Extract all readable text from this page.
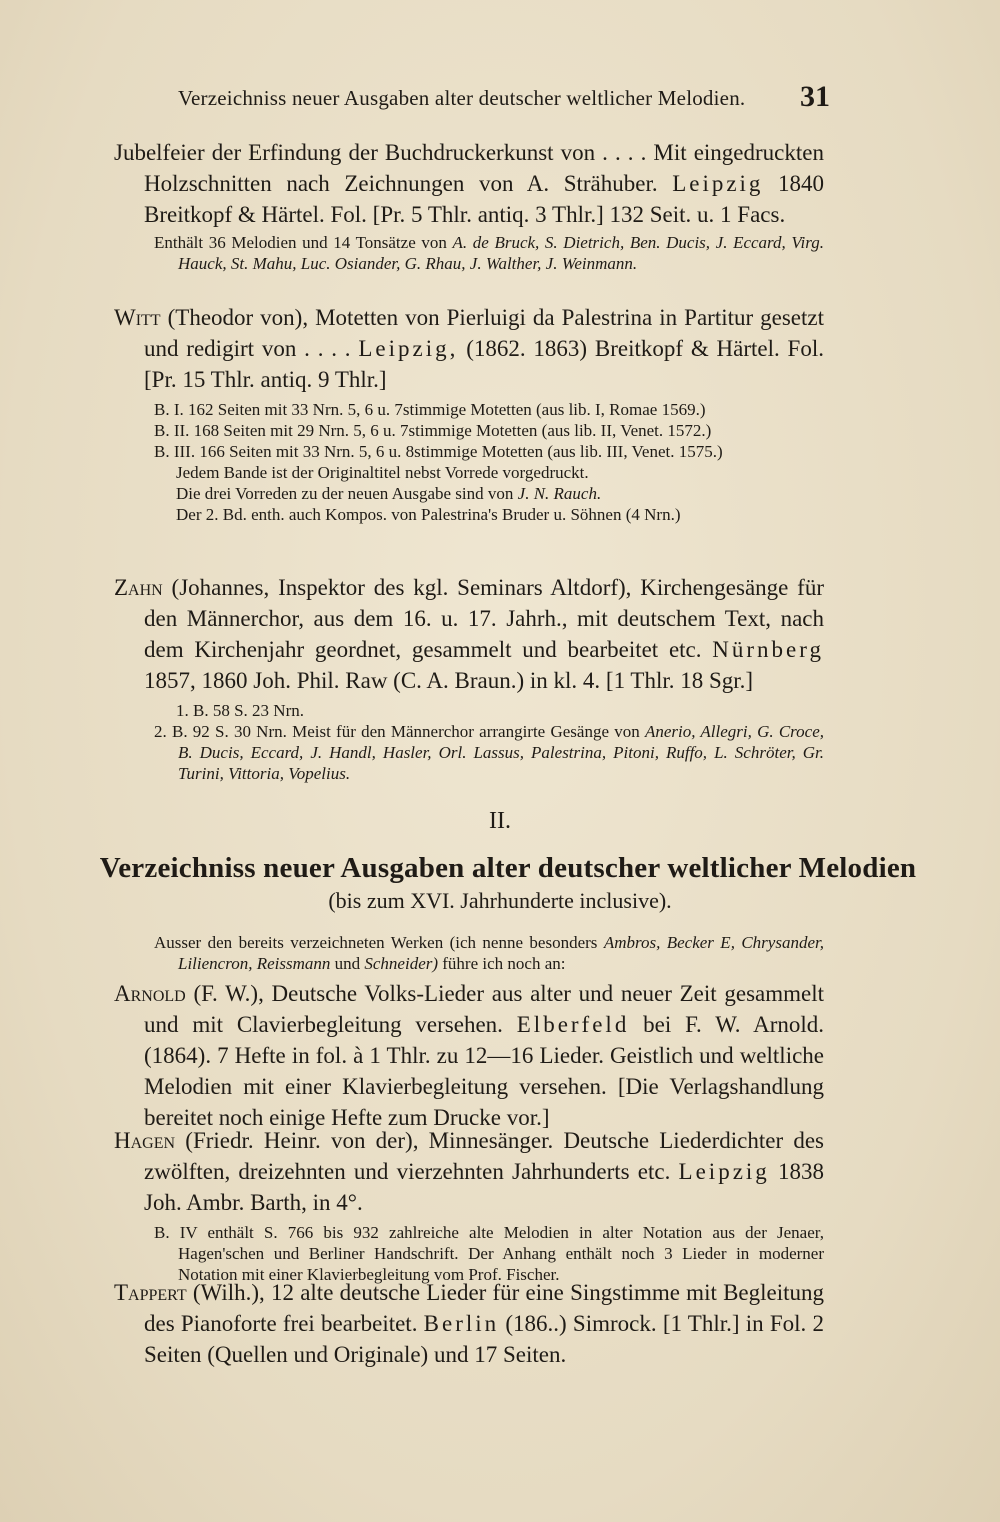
Verzeichniss neuer Ausgaben alter deutscher weltlicher Melodien. 31

Jubelfeier der Erfindung der Buchdruckerkunst von . . . . Mit eingedruckten Holzschnitten nach Zeichnungen von A. Strähuber. Leipzig 1840 Breitkopf & Härtel. Fol. [Pr. 5 Thlr. antiq. 3 Thlr.] 132 Seit. u. 1 Facs.

Enthält 36 Melodien und 14 Tonsätze von A. de Bruck, S. Dietrich, Ben. Ducis, J. Eccard, Virg. Hauck, St. Mahu, Luc. Osiander, G. Rhau, J. Walther, J. Weinmann.

Witt (Theodor von), Motetten von Pierluigi da Palestrina in Partitur gesetzt und redigirt von . . . . Leipzig, (1862. 1863) Breitkopf & Härtel. Fol. [Pr. 15 Thlr. antiq. 9 Thlr.]

B. I. 162 Seiten mit 33 Nrn. 5, 6 u. 7stimmige Motetten (aus lib. I, Romae 1569.)

B. II. 168 Seiten mit 29 Nrn. 5, 6 u. 7stimmige Motetten (aus lib. II, Venet. 1572.)

B. III. 166 Seiten mit 33 Nrn. 5, 6 u. 8stimmige Motetten (aus lib. III, Venet. 1575.)

Jedem Bande ist der Originaltitel nebst Vorrede vorgedruckt.

Die drei Vorreden zu der neuen Ausgabe sind von J. N. Rauch.

Der 2. Bd. enth. auch Kompos. von Palestrina's Bruder u. Söhnen (4 Nrn.)

Zahn (Johannes, Inspektor des kgl. Seminars Altdorf), Kirchengesänge für den Männerchor, aus dem 16. u. 17. Jahrh., mit deutschem Text, nach dem Kirchenjahr geordnet, gesammelt und bearbeitet etc. Nürnberg 1857, 1860 Joh. Phil. Raw (C. A. Braun.) in kl. 4. [1 Thlr. 18 Sgr.]

1. B. 58 S. 23 Nrn.

2. B. 92 S. 30 Nrn. Meist für den Männerchor arrangirte Gesänge von Anerio, Allegri, G. Croce, B. Ducis, Eccard, J. Handl, Hasler, Orl. Lassus, Palestrina, Pitoni, Ruffo, L. Schröter, Gr. Turini, Vittoria, Vopelius.

II.
Verzeichniss neuer Ausgaben alter deutscher weltlicher Melodien
(bis zum XVI. Jahrhunderte inclusive).

Ausser den bereits verzeichneten Werken (ich nenne besonders Ambros, Becker E, Chrysander, Liliencron, Reissmann und Schneider) führe ich noch an:

Arnold (F. W.), Deutsche Volks-Lieder aus alter und neuer Zeit gesammelt und mit Clavierbegleitung versehen. Elberfeld bei F. W. Arnold. (1864). 7 Hefte in fol. à 1 Thlr. zu 12—16 Lieder. Geistlich und weltliche Melodien mit einer Klavierbegleitung versehen. [Die Verlagshandlung bereitet noch einige Hefte zum Drucke vor.]

Hagen (Friedr. Heinr. von der), Minnesänger. Deutsche Liederdichter des zwölften, dreizehnten und vierzehnten Jahrhunderts etc. Leipzig 1838 Joh. Ambr. Barth, in 4°.

B. IV enthält S. 766 bis 932 zahlreiche alte Melodien in alter Notation aus der Jenaer, Hagen'schen und Berliner Handschrift. Der Anhang enthält noch 3 Lieder in moderner Notation mit einer Klavierbegleitung vom Prof. Fischer.

Tappert (Wilh.), 12 alte deutsche Lieder für eine Singstimme mit Begleitung des Pianoforte frei bearbeitet. Berlin (186..) Simrock. [1 Thlr.] in Fol. 2 Seiten (Quellen und Originale) und 17 Seiten.
